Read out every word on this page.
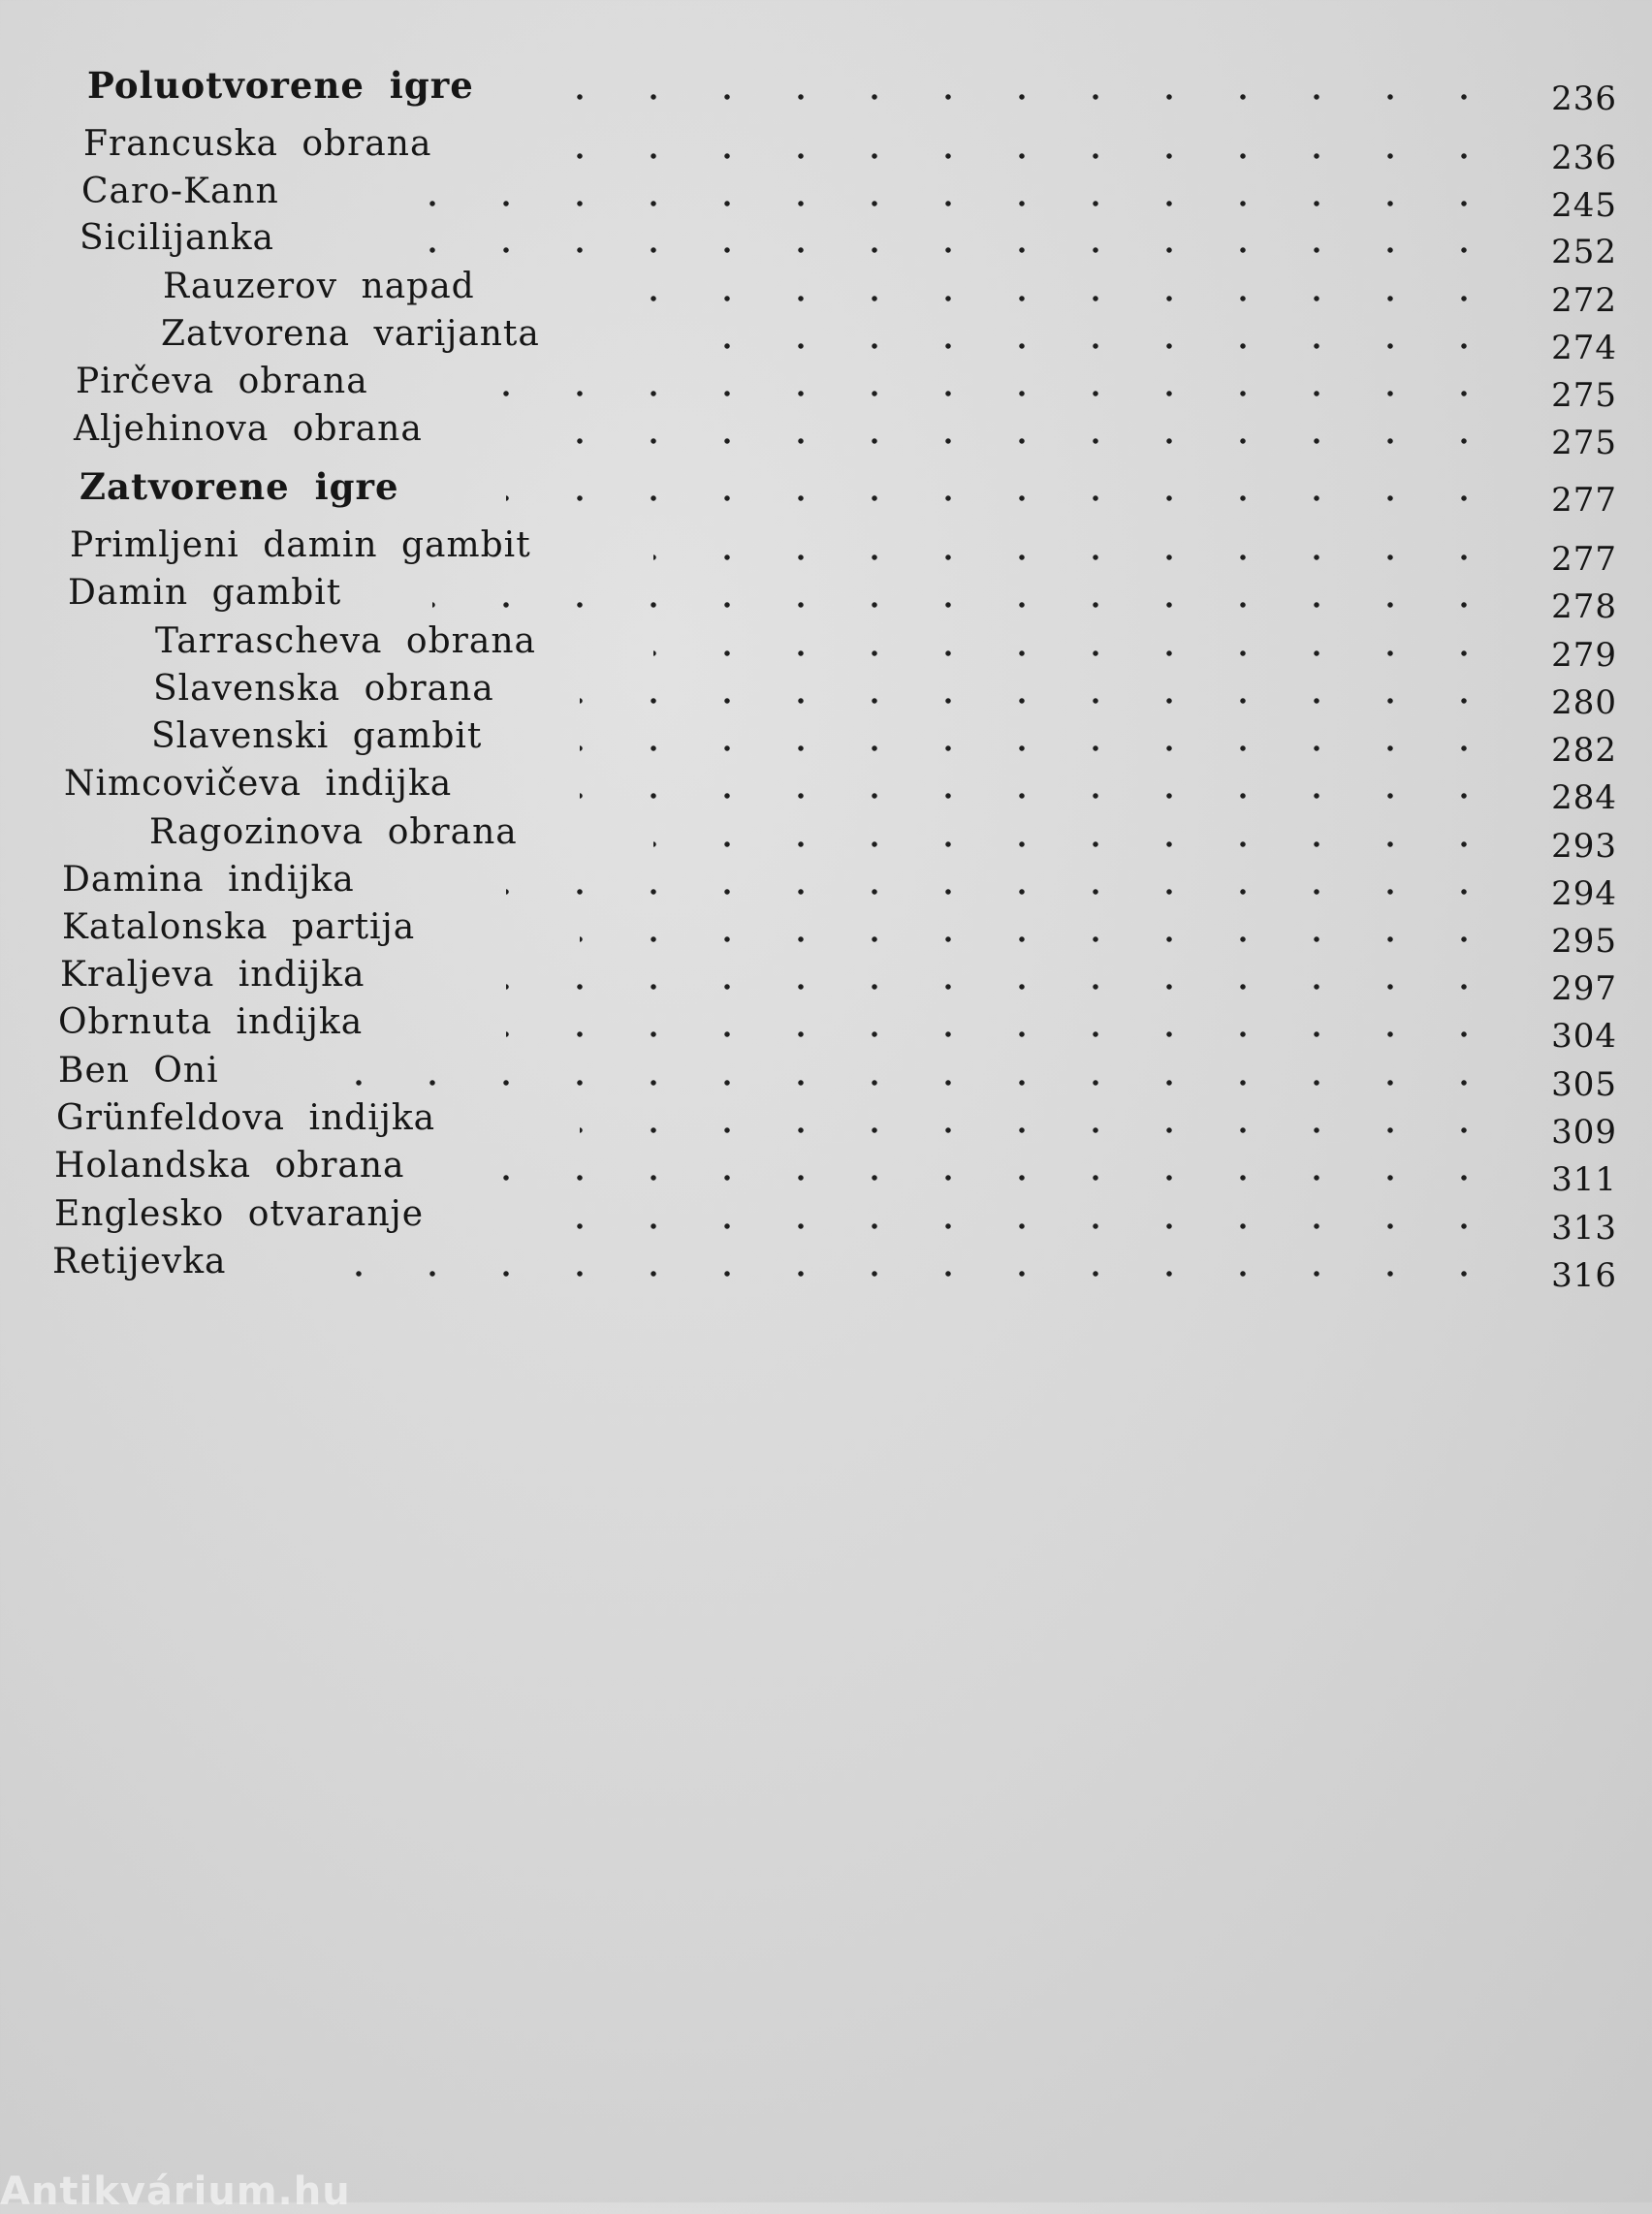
Poluotvorene igre	236
Francuska obrana	236
Caro-Kann	245
Sicilijanka	252
Rauzerov napad	272
Zatvorena varijanta	274
Pirčeva obrana	275
Aljehinova obrana	275
Zatvorene igre	277
Primljeni damin gambit	277
Damin gambit	278
Tarrascheva obrana	279
Slavenska obrana	280
Slavenski gambit	282
Nimcovičeva indijka	284
Ragozinova obrana	293
Damina indijka	294
Katalonska partija	295
Kraljeva indijka	297
Obrnuta indijka	304
Ben Oni	305
Grünfeldova indijka	309
Holandska obrana	311
Englesko otvaranje	313
Retijevka	316
Antikvárium.hu
